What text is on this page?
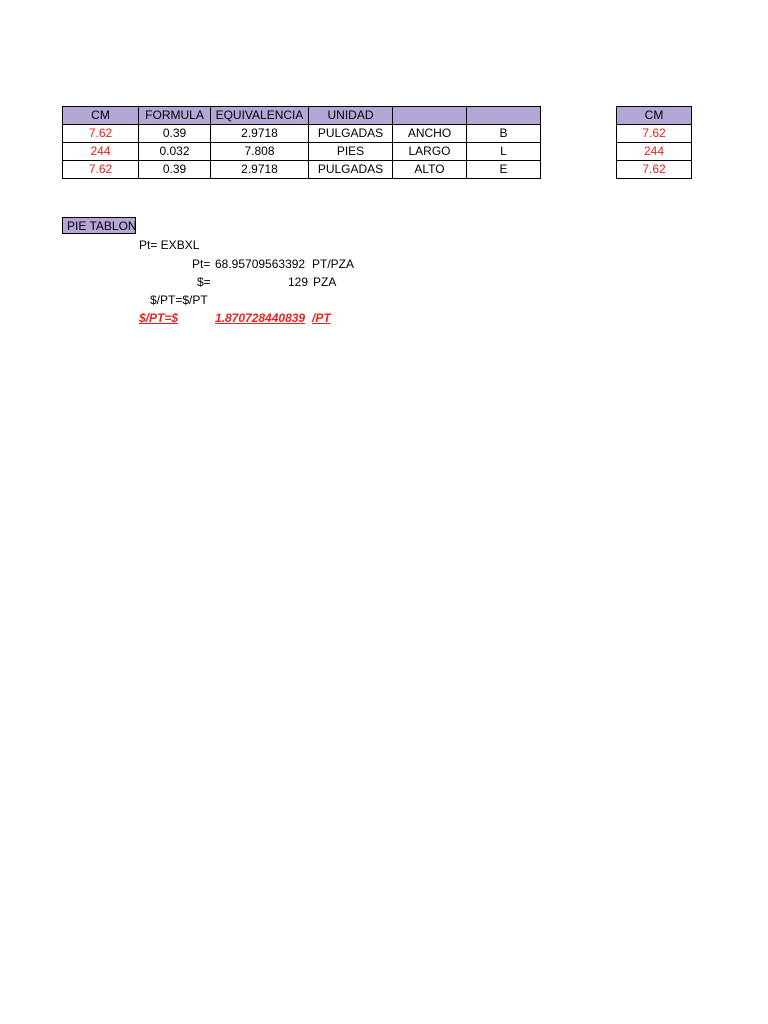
CM	FORMULA	EQUIVALENCIA	UNIDAD		
7.62	0.39	2.9718	PULGADAS	ANCHO	B
244	0.032	7.808	PIES	LARGO	L
7.62	0.39	2.9718	PULGADAS	ALTO	E
CM
7.62
244
7.62
PIE TABLON
Pt= EXBXL
Pt= 68.95709563392 PT/PZA
$=	129 PZA
$/PT=$/PT
$/PT=$	1.870728440839 /PT
